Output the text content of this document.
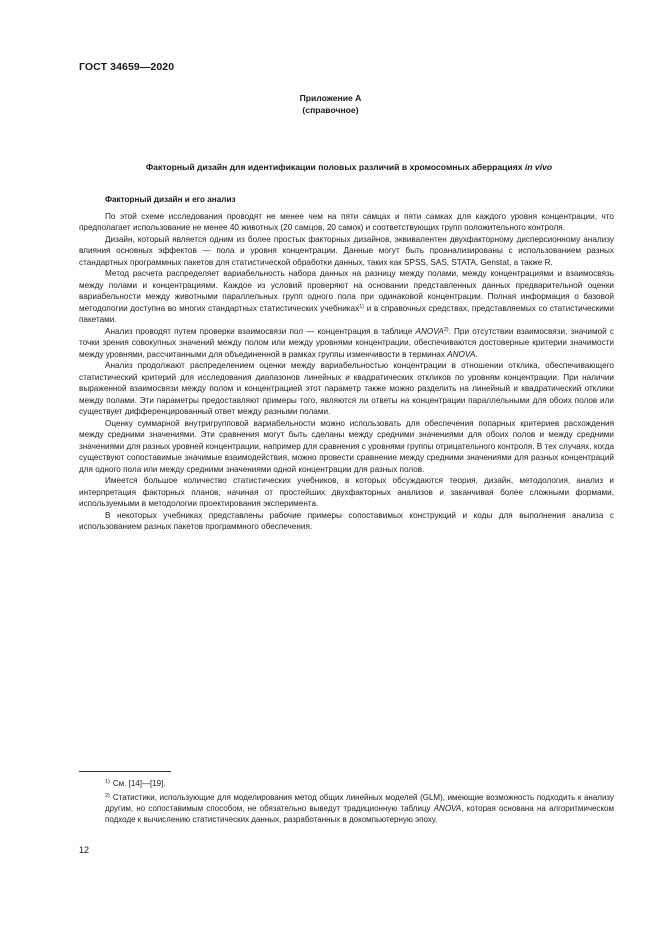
ГОСТ 34659—2020
Приложение А
(справочное)
Факторный дизайн для идентификации половых различий в хромосомных аберрациях in vivo

Факторный дизайн и его анализ

По этой схеме исследования проводят не менее чем на пяти самцах и пяти самках для каждого уровня концентрации, что предполагает использование не менее 40 животных (20 самцов, 20 самок) и соответствующих групп положительного контроля.

Дизайн, который является одним из более простых факторных дизайнов, эквивалентен двухфакторному дисперсионному анализу влияния основных эффектов — пола и уровня концентрации. Данные могут быть проанализированы с использованием разных стандартных программных пакетов для статистической обработки данных, таких как SPSS, SAS, STATA, Genstat, а также R.

Метод расчета распределяет вариабельность набора данных на разницу между полами, между концентрациями и взаимосвязь между полами и концентрациями. Каждое из условий проверяют на основании представленных данных предварительной оценки вариабельности между животными параллельных групп одного пола при одинаковой концентрации. Полная информация о базовой методологии доступна во многих стандартных статистических учебниках$^{1)}$ и в справочных средствах, представляемых со статистическими пакетами.

Анализ проводят путем проверки взаимосвязи пол — концентрация в таблице ANOVA$^{2)}$. При отсутствии взаимосвязи, значимой с точки зрения совокупных значений между полом или между уровнями концентрации, обеспечиваются достоверные критерии значимости между уровнями, рассчитанными для объединенной в рамках группы изменчивости в терминах ANOVA.

Анализ продолжают распределением оценки между вариабельностью концентрации в отношении отклика, обеспечивающего статистический критерий для исследования диапазонов линейных и квадратических откликов по уровням концентрации. При наличии выраженной взаимосвязи между полом и концентрацией этот параметр также можно разделить на линейный и квадратический отклики между полами. Эти параметры предоставляют примеры того, являются ли ответы на концентрации параллельными для обоих полов или существует дифференцированный ответ между разными полами.

Оценку суммарной внутригрупповой вариабельности можно использовать для обеспечения попарных критериев расхождения между средними значениями. Эти сравнения могут быть сделаны между средними значениями для обоих полов и между средними значениями для разных уровней концентрации, например для сравнения с уровнями группы отрицательного контроля. В тех случаях, когда существуют сопоставимые значимые взаимодействия, можно провести сравнение между средними значениями для разных концентраций для одного пола или между средними значениями одной концентрации для разных полов.

Имеется большое количество статистических учебников, в которых обсуждаются теория, дизайн, методология, анализ и интерпретация факторных планов, начиная от простейших двухфакторных анализов и заканчивая более сложными формами, используемыми в методологии проектирования эксперимента.

В некоторых учебниках представлены рабочие примеры сопоставимых конструкций и коды для выполнения анализа с использованием разных пакетов программного обеспечения.

$^{1)}$ См. [14]—[19].

$^{2)}$ Статистики, использующие для моделирования метод общих линейных моделей (GLM), имеющие возможность подходить к анализу другим, но сопоставимым способом, не обязательно выведут традиционную таблицу ANOVA, которая основана на алгоритмическом подходе к вычислению статистических данных, разработанных в докомпьютерную эпоху.

12
